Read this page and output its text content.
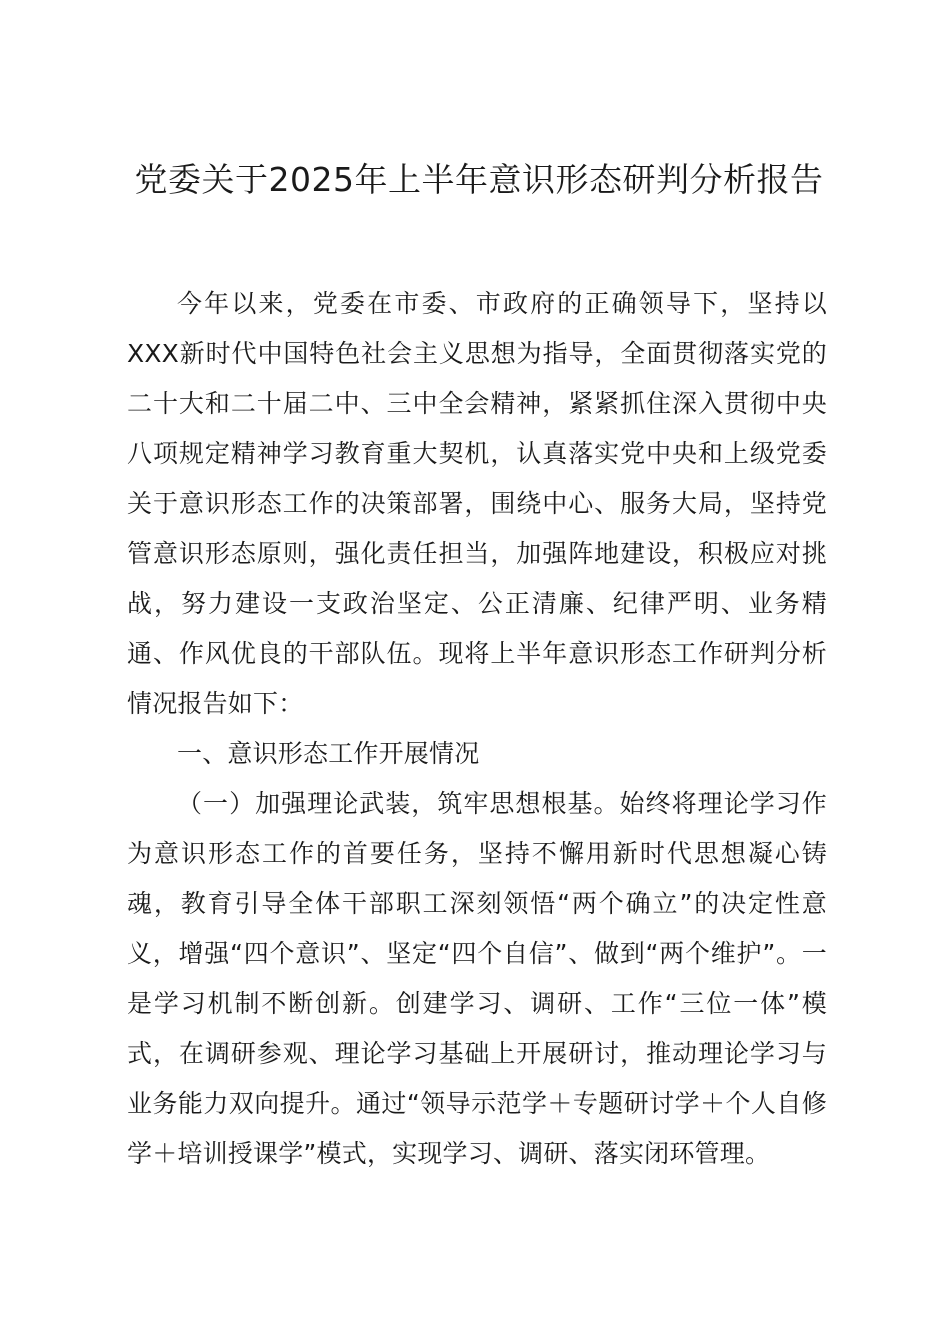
党委关于2025年上半年意识形态研判分析报告

今年以来，党委在市委、市政府的正确领导下，坚持以XXX新时代中国特色社会主义思想为指导，全面贯彻落实党的二十大和二十届二中、三中全会精神，紧紧抓住深入贯彻中央八项规定精神学习教育重大契机，认真落实党中央和上级党委关于意识形态工作的决策部署，围绕中心、服务大局，坚持党管意识形态原则，强化责任担当，加强阵地建设，积极应对挑战，努力建设一支政治坚定、公正清廉、纪律严明、业务精通、作风优良的干部队伍。现将上半年意识形态工作研判分析情况报告如下：

一、意识形态工作开展情况

（一）加强理论武装，筑牢思想根基。始终将理论学习作为意识形态工作的首要任务，坚持不懈用新时代思想凝心铸魂，教育引导全体干部职工深刻领悟“两个确立”的决定性意义，增强“四个意识”、坚定“四个自信”、做到“两个维护”。一是学习机制不断创新。创建学习、调研、工作“三位一体”模式，在调研参观、理论学习基础上开展研讨，推动理论学习与业务能力双向提升。通过“领导示范学＋专题研讨学＋个人自修学＋培训授课学”模式，实现学习、调研、落实闭环管理。
